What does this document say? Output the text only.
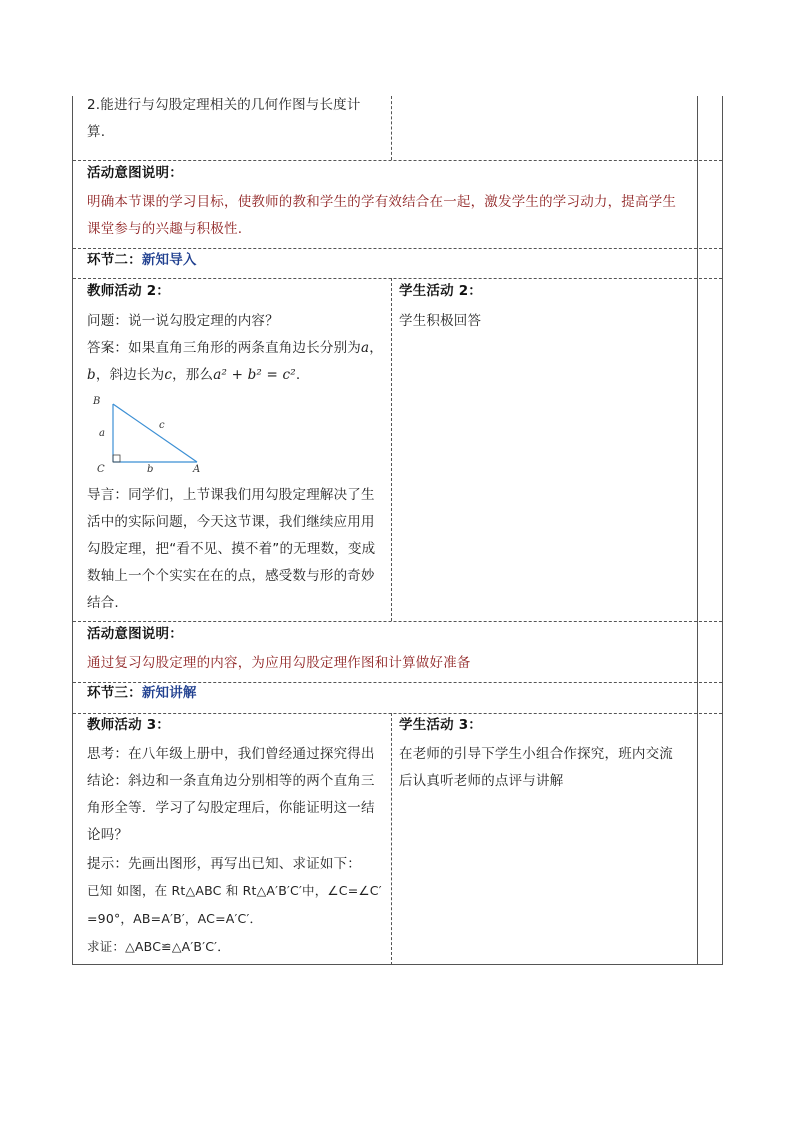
2.能进行与勾股定理相关的几何作图与长度计
算.
活动意图说明：
明确本节课的学习目标，使教师的教和学生的学有效结合在一起，激发学生的学习动力，提高学生
课堂参与的兴趣与积极性.
环节二：新知导入
教师活动 2：
问题：说一说勾股定理的内容？
答案：如果直角三角形的两条直角边长分别为a，
b，斜边长为c，那么a² + b² = c².
B
C	A
a
b
c
导言：同学们，上节课我们用勾股定理解决了生
活中的实际问题，今天这节课，我们继续应用用
勾股定理，把“看不见、摸不着”的无理数，变成
数轴上一个个实实在在的点，感受数与形的奇妙
结合.
学生活动 2：
学生积极回答
活动意图说明：
通过复习勾股定理的内容，为应用勾股定理作图和计算做好准备
环节三：新知讲解
教师活动 3：
思考：在八年级上册中，我们曾经通过探究得出
结论：斜边和一条直角边分别相等的两个直角三
角形全等．学习了勾股定理后，你能证明这一结
论吗？
提示：先画出图形，再写出已知、求证如下：
已知 如图，在 Rt△ABC 和 Rt△A′B′C′中，∠C=∠C′
=90°，AB=A′B′，AC=A′C′．
求证：△ABC≌△A′B′C′．
学生活动 3：
在老师的引导下学生小组合作探究，班内交流
后认真听老师的点评与讲解
